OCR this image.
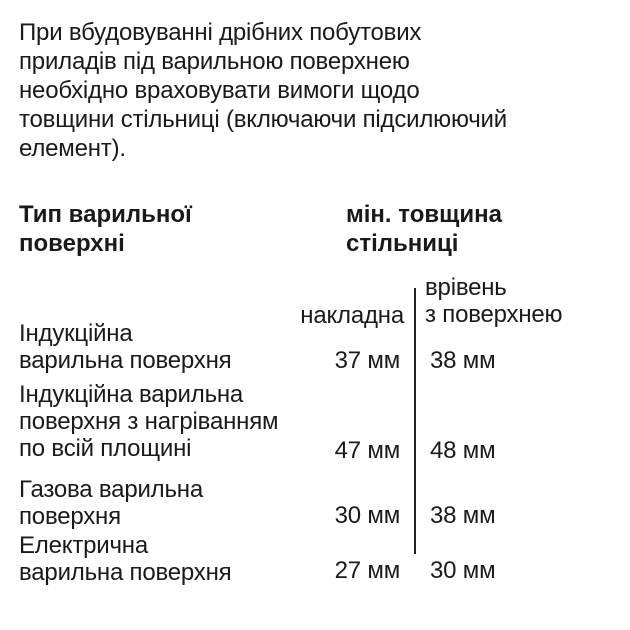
При вбудовуванні дрібних побутових
приладів під варильною поверхнею
необхідно враховувати вимоги щодо
товщини стільниці (включаючи підсилюючий
елемент).
Тип варильної
поверхні
мін. товщина
стільниці
накладна
врівень
з поверхнею
Індукційна
варильна поверхня	37 мм 38 мм
Індукційна варильна
поверхня з нагріванням
по всій площині	47 мм 48 мм
Газова варильна
поверхня	30 мм 38 мм
Електрична
варильна поверхня	27 мм 30 мм
